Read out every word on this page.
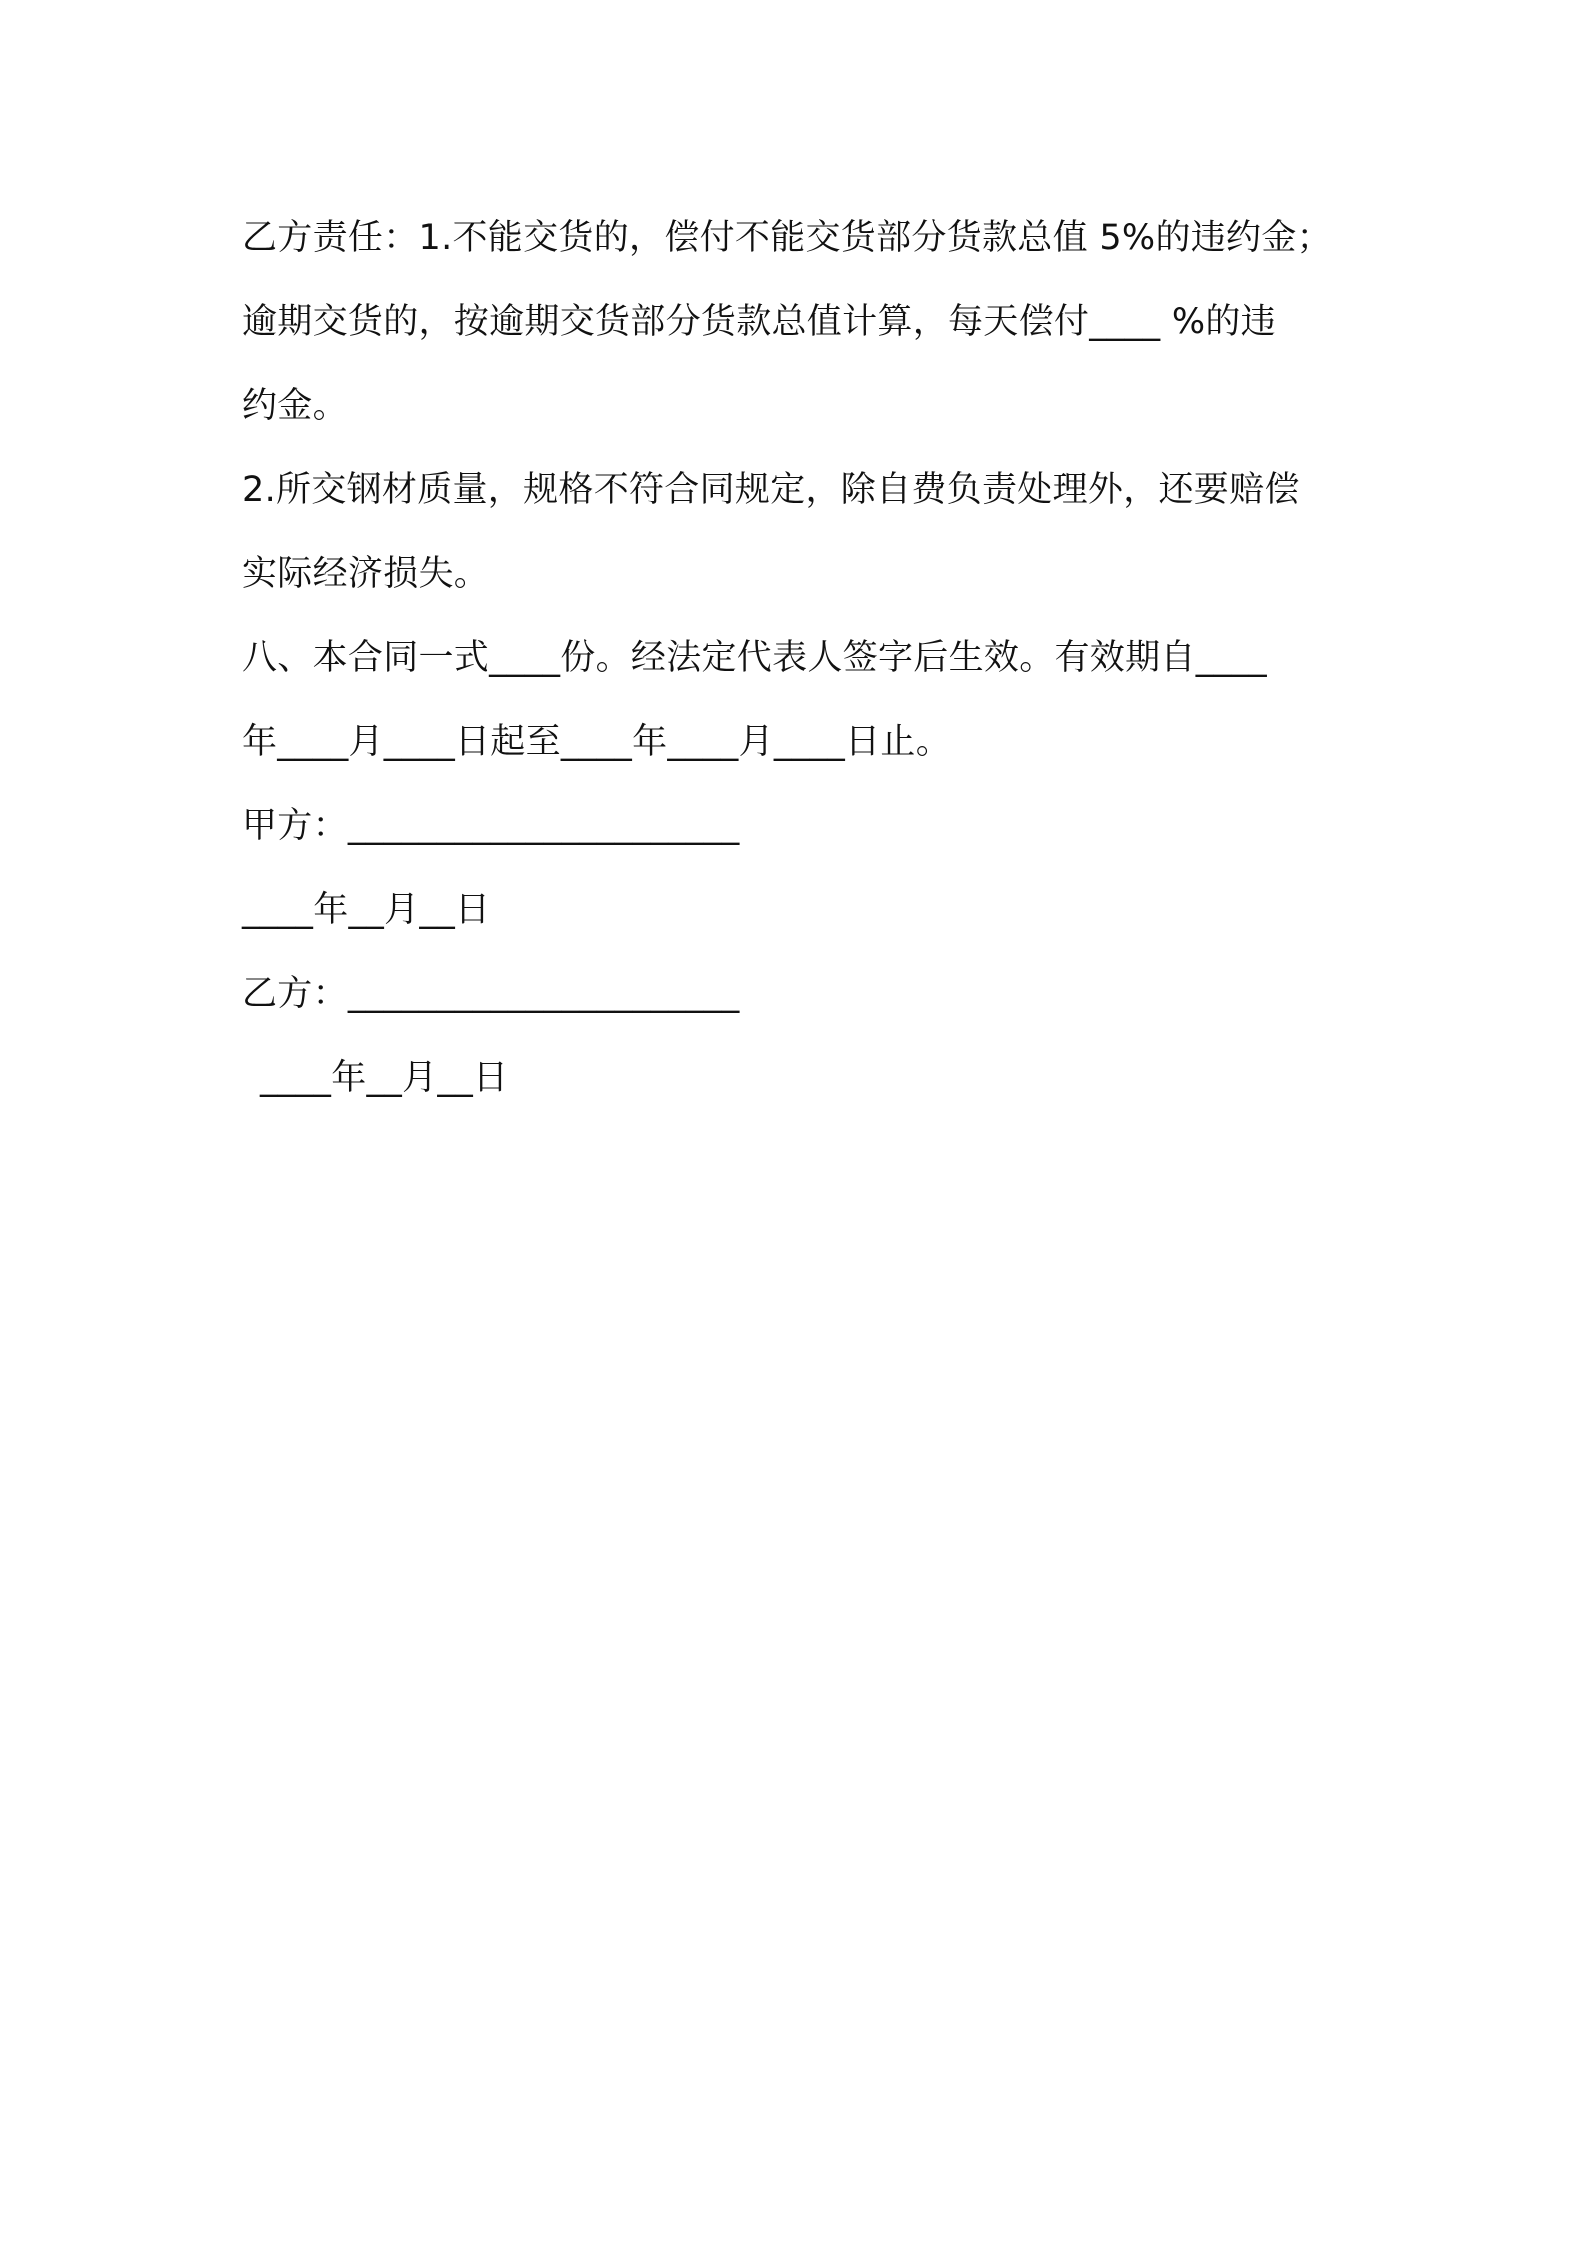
乙方责任：1.不能交货的，偿付不能交货部分货款总值 5%的违约金；
逾期交货的，按逾期交货部分货款总值计算，每天偿付____ %的违
约金。
2.所交钢材质量，规格不符合同规定，除自费负责处理外，还要赔偿
实际经济损失。
八、本合同一式____份。经法定代表人签字后生效。有效期自____
年____月____日起至____年____月____日止。
甲方：______________________
____年__月__日
乙方：______________________
____年__月__日
